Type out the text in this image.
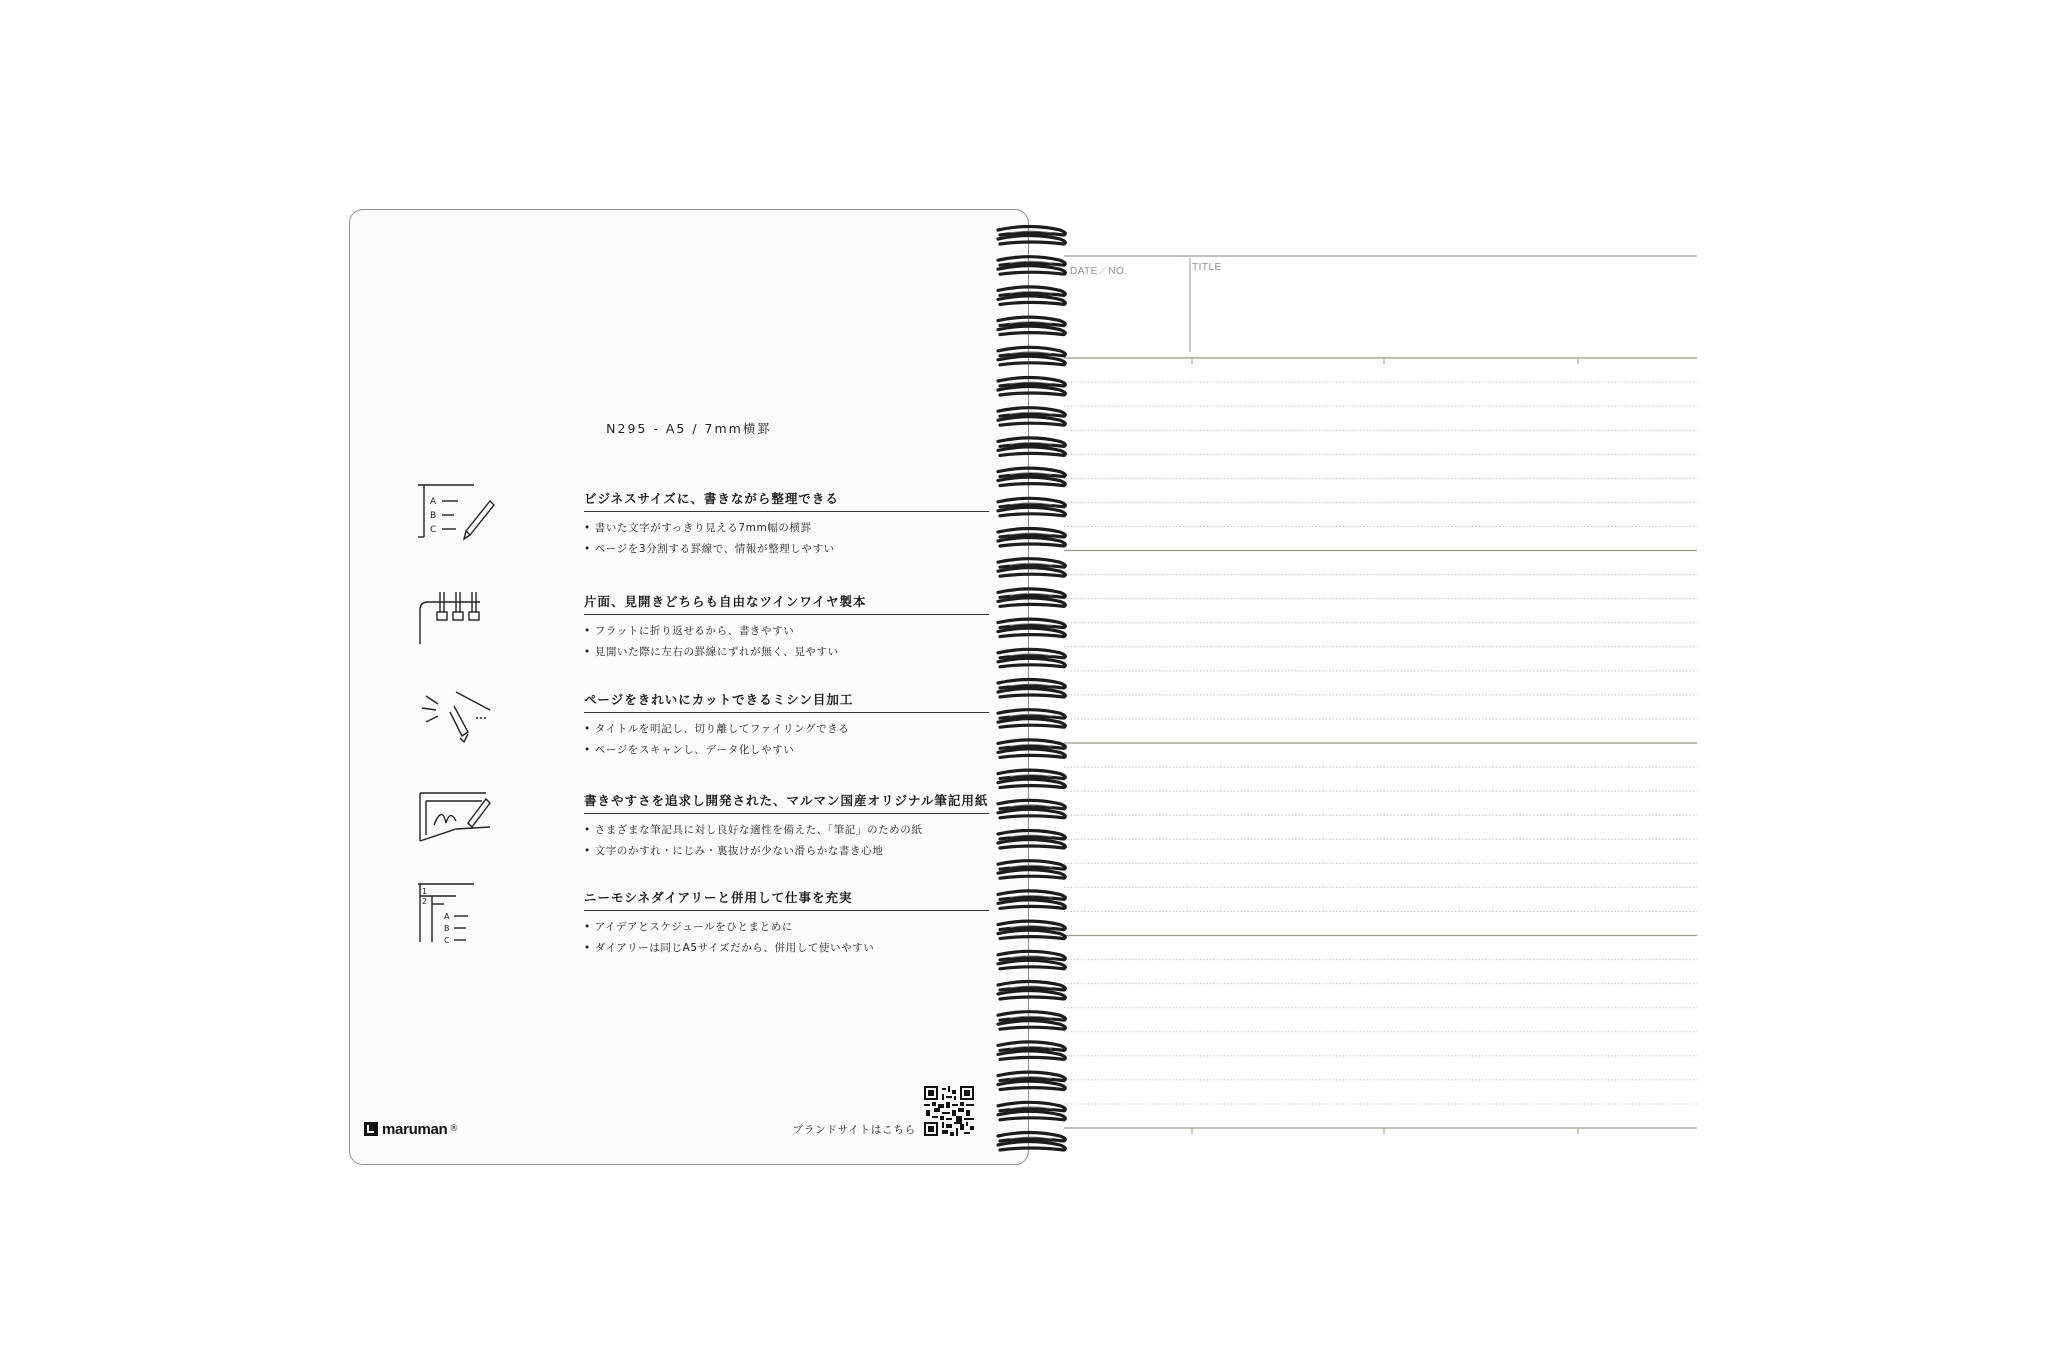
N295 - A5 / 7mm横罫
A
B
C
ビジネスサイズに、書きながら整理できる
• 書いた文字がすっきり見える7mm幅の横罫
• ページを3分割する罫線で、情報が整理しやすい
片面、見開きどちらも自由なツインワイヤ製本
• フラットに折り返せるから、書きやすい
• 見開いた際に左右の罫線にずれが無く、見やすい
ページをきれいにカットできるミシン目加工
• タイトルを明記し、切り離してファイリングできる
• ページをスキャンし、データ化しやすい
書きやすさを追求し開発された、マルマン国産オリジナル筆記用紙
• さまざまな筆記具に対し良好な適性を備えた、「筆記」のための紙
• 文字のかすれ・にじみ・裏抜けが少ない滑らかな書き心地
1
2
A
B
C
ニーモシネダイアリーと併用して仕事を充実
• アイデアとスケジュールをひとまとめに
• ダイアリーは同じA5サイズだから、併用して使いやすい
maruman ®	ブランドサイトはこちら
DATE／NO.	TITLE
